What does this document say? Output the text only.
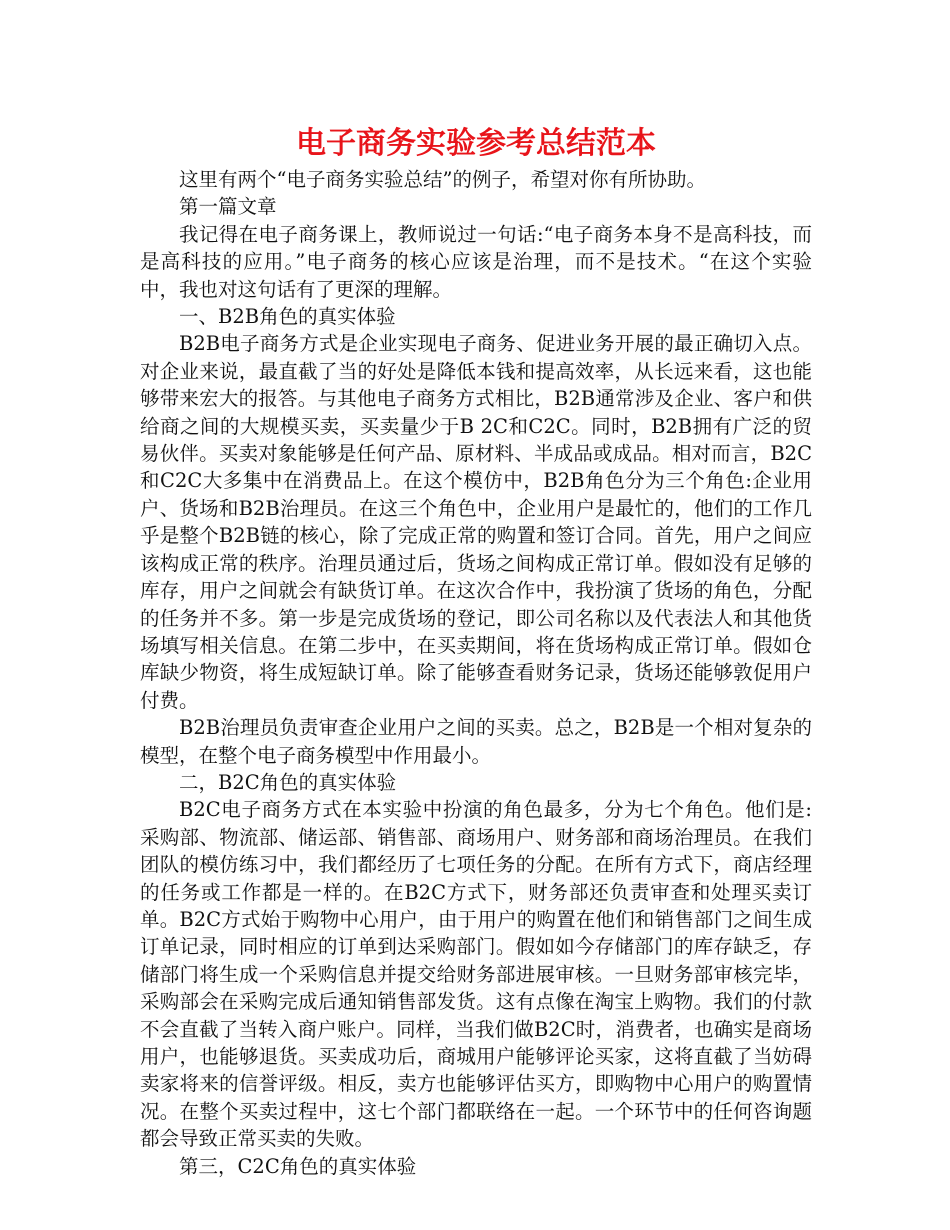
电子商务实验参考总结范本

这里有两个“电子商务实验总结”的例子，希望对你有所协助。

第一篇文章

我记得在电子商务课上，教师说过一句话:“电子商务本身不是高科技，而是高科技的应用。”电子商务的核心应该是治理，而不是技术。“在这个实验中，我也对这句话有了更深的理解。

一、B2B角色的真实体验

B2B电子商务方式是企业实现电子商务、促进业务开展的最正确切入点。对企业来说，最直截了当的好处是降低本钱和提高效率，从长远来看，这也能够带来宏大的报答。与其他电子商务方式相比，B2B通常涉及企业、客户和供给商之间的大规模买卖，买卖量少于B 2C和C2C。同时，B2B拥有广泛的贸易伙伴。买卖对象能够是任何产品、原材料、半成品或成品。相对而言，B2C和C2C大多集中在消费品上。在这个模仿中，B2B角色分为三个角色:企业用户、货场和B2B治理员。在这三个角色中，企业用户是最忙的，他们的工作几乎是整个B2B链的核心，除了完成正常的购置和签订合同。首先，用户之间应该构成正常的秩序。治理员通过后，货场之间构成正常订单。假如没有足够的库存，用户之间就会有缺货订单。在这次合作中，我扮演了货场的角色，分配的任务并不多。第一步是完成货场的登记，即公司名称以及代表法人和其他货场填写相关信息。在第二步中，在买卖期间，将在货场构成正常订单。假如仓库缺少物资，将生成短缺订单。除了能够查看财务记录，货场还能够敦促用户付费。

B2B治理员负责审查企业用户之间的买卖。总之，B2B是一个相对复杂的模型，在整个电子商务模型中作用最小。

二，B2C角色的真实体验

B2C电子商务方式在本实验中扮演的角色最多，分为七个角色。他们是:采购部、物流部、储运部、销售部、商场用户、财务部和商场治理员。在我们团队的模仿练习中，我们都经历了七项任务的分配。在所有方式下，商店经理的任务或工作都是一样的。在B2C方式下，财务部还负责审查和处理买卖订单。B2C方式始于购物中心用户，由于用户的购置在他们和销售部门之间生成订单记录，同时相应的订单到达采购部门。假如如今存储部门的库存缺乏，存储部门将生成一个采购信息并提交给财务部进展审核。一旦财务部审核完毕，采购部会在采购完成后通知销售部发货。这有点像在淘宝上购物。我们的付款不会直截了当转入商户账户。同样，当我们做B2C时，消费者，也确实是商场用户，也能够退货。买卖成功后，商城用户能够评论买家，这将直截了当妨碍卖家将来的信誉评级。相反，卖方也能够评估买方，即购物中心用户的购置情况。在整个买卖过程中，这七个部门都联络在一起。一个环节中的任何咨询题都会导致正常买卖的失败。

第三，C2C角色的真实体验
